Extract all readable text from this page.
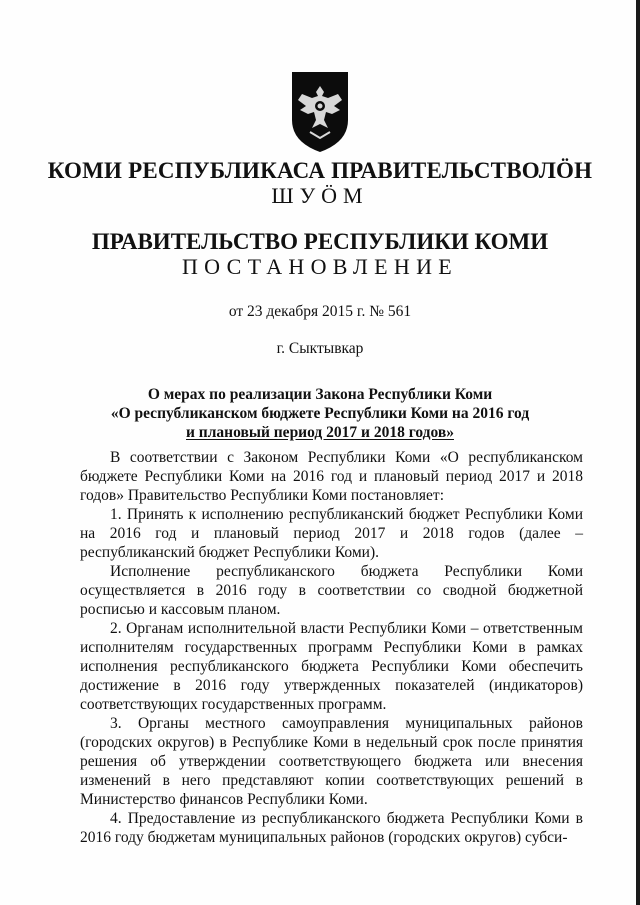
КОМИ РЕСПУБЛИКАСА ПРАВИТЕЛЬСТВОЛÖН
ШУÖМ
ПРАВИТЕЛЬСТВО РЕСПУБЛИКИ КОМИ
ПОСТАНОВЛЕНИЕ
от 23 декабря 2015 г. № 561
г. Сыктывкар
О мерах по реализации Закона Республики Коми
«О республиканском бюджете Республики Коми на 2016 год
и плановый период 2017 и 2018 годов»

В соответствии с Законом Республики Коми «О республиканском бюджете Республики Коми на 2016 год и плановый период 2017 и 2018 годов» Правительство Республики Коми постановляет:

1. Принять к исполнению республиканский бюджет Республики Коми на 2016 год и плановый период 2017 и 2018 годов (далее – республиканский бюджет Республики Коми).

Исполнение республиканского бюджета Республики Коми осуществляется в 2016 году в соответствии со сводной бюджетной росписью и кассовым планом.

2. Органам исполнительной власти Республики Коми – ответственным исполнителям государственных программ Республики Коми в рамках исполнения республиканского бюджета Республики Коми обеспечить достижение в 2016 году утвержденных показателей (индикаторов) соответствующих государственных программ.

3. Органы местного самоуправления муниципальных районов (городских округов) в Республике Коми в недельный срок после принятия решения об утверждении соответствующего бюджета или внесения изменений в него представляют копии соответствующих решений в Министерство финансов Республики Коми.

4. Предоставление из республиканского бюджета Республики Коми в 2016 году бюджетам муниципальных районов (городских округов) субси-
